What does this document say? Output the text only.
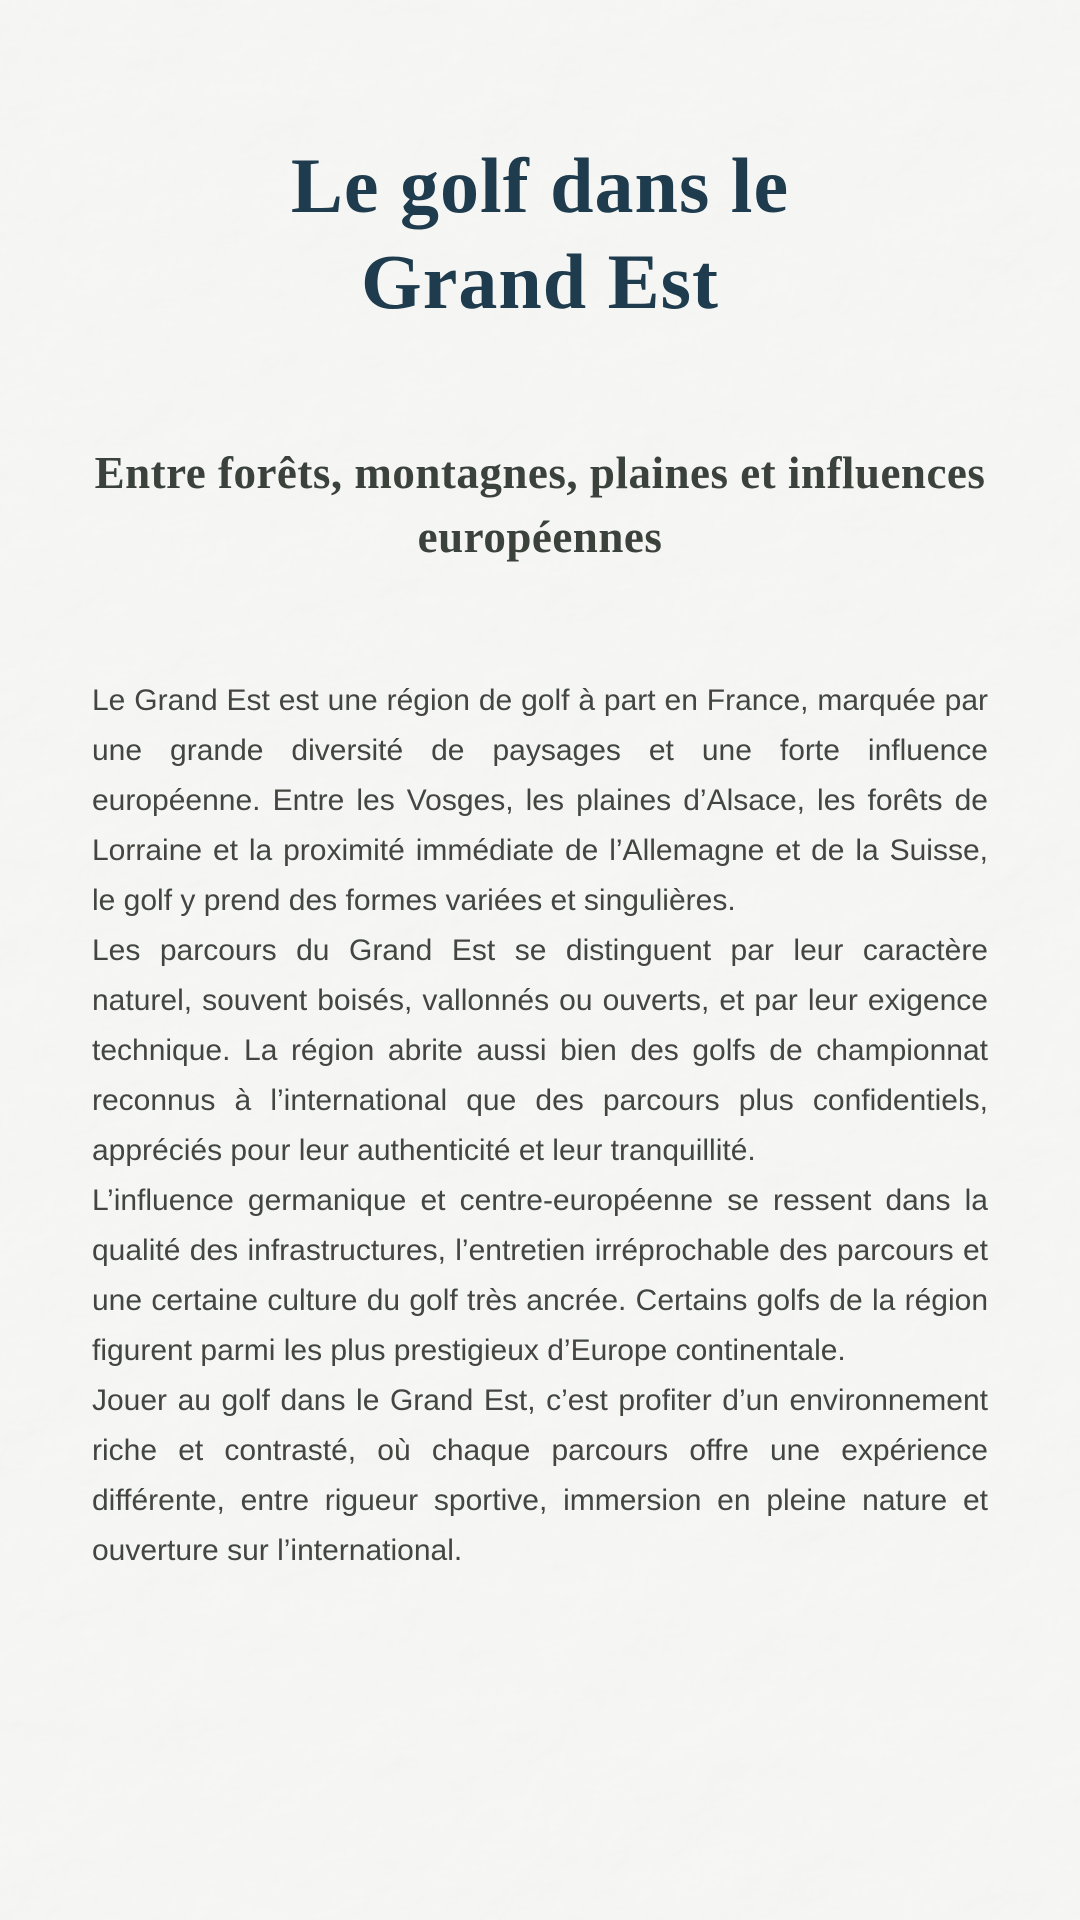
Le golf dans le
Grand Est
Entre forêts, montagnes, plaines et influences
européennes

Le Grand Est est une région de golf à part en France, marquée par une grande diversité de paysages et une forte influence européenne. Entre les Vosges, les plaines d’Alsace, les forêts de Lorraine et la proximité immédiate de l’Allemagne et de la Suisse, le golf y prend des formes variées et singulières.

Les parcours du Grand Est se distinguent par leur caractère naturel, souvent boisés, vallonnés ou ouverts, et par leur exigence technique. La région abrite aussi bien des golfs de championnat reconnus à l’international que des parcours plus confidentiels, appréciés pour leur authenticité et leur tranquillité.

L’influence germanique et centre-européenne se ressent dans la qualité des infrastructures, l’entretien irréprochable des parcours et une certaine culture du golf très ancrée. Certains golfs de la région figurent parmi les plus prestigieux d’Europe continentale.

Jouer au golf dans le Grand Est, c’est profiter d’un environnement riche et contrasté, où chaque parcours offre une expérience différente, entre rigueur sportive, immersion en pleine nature et ouverture sur l’international.
